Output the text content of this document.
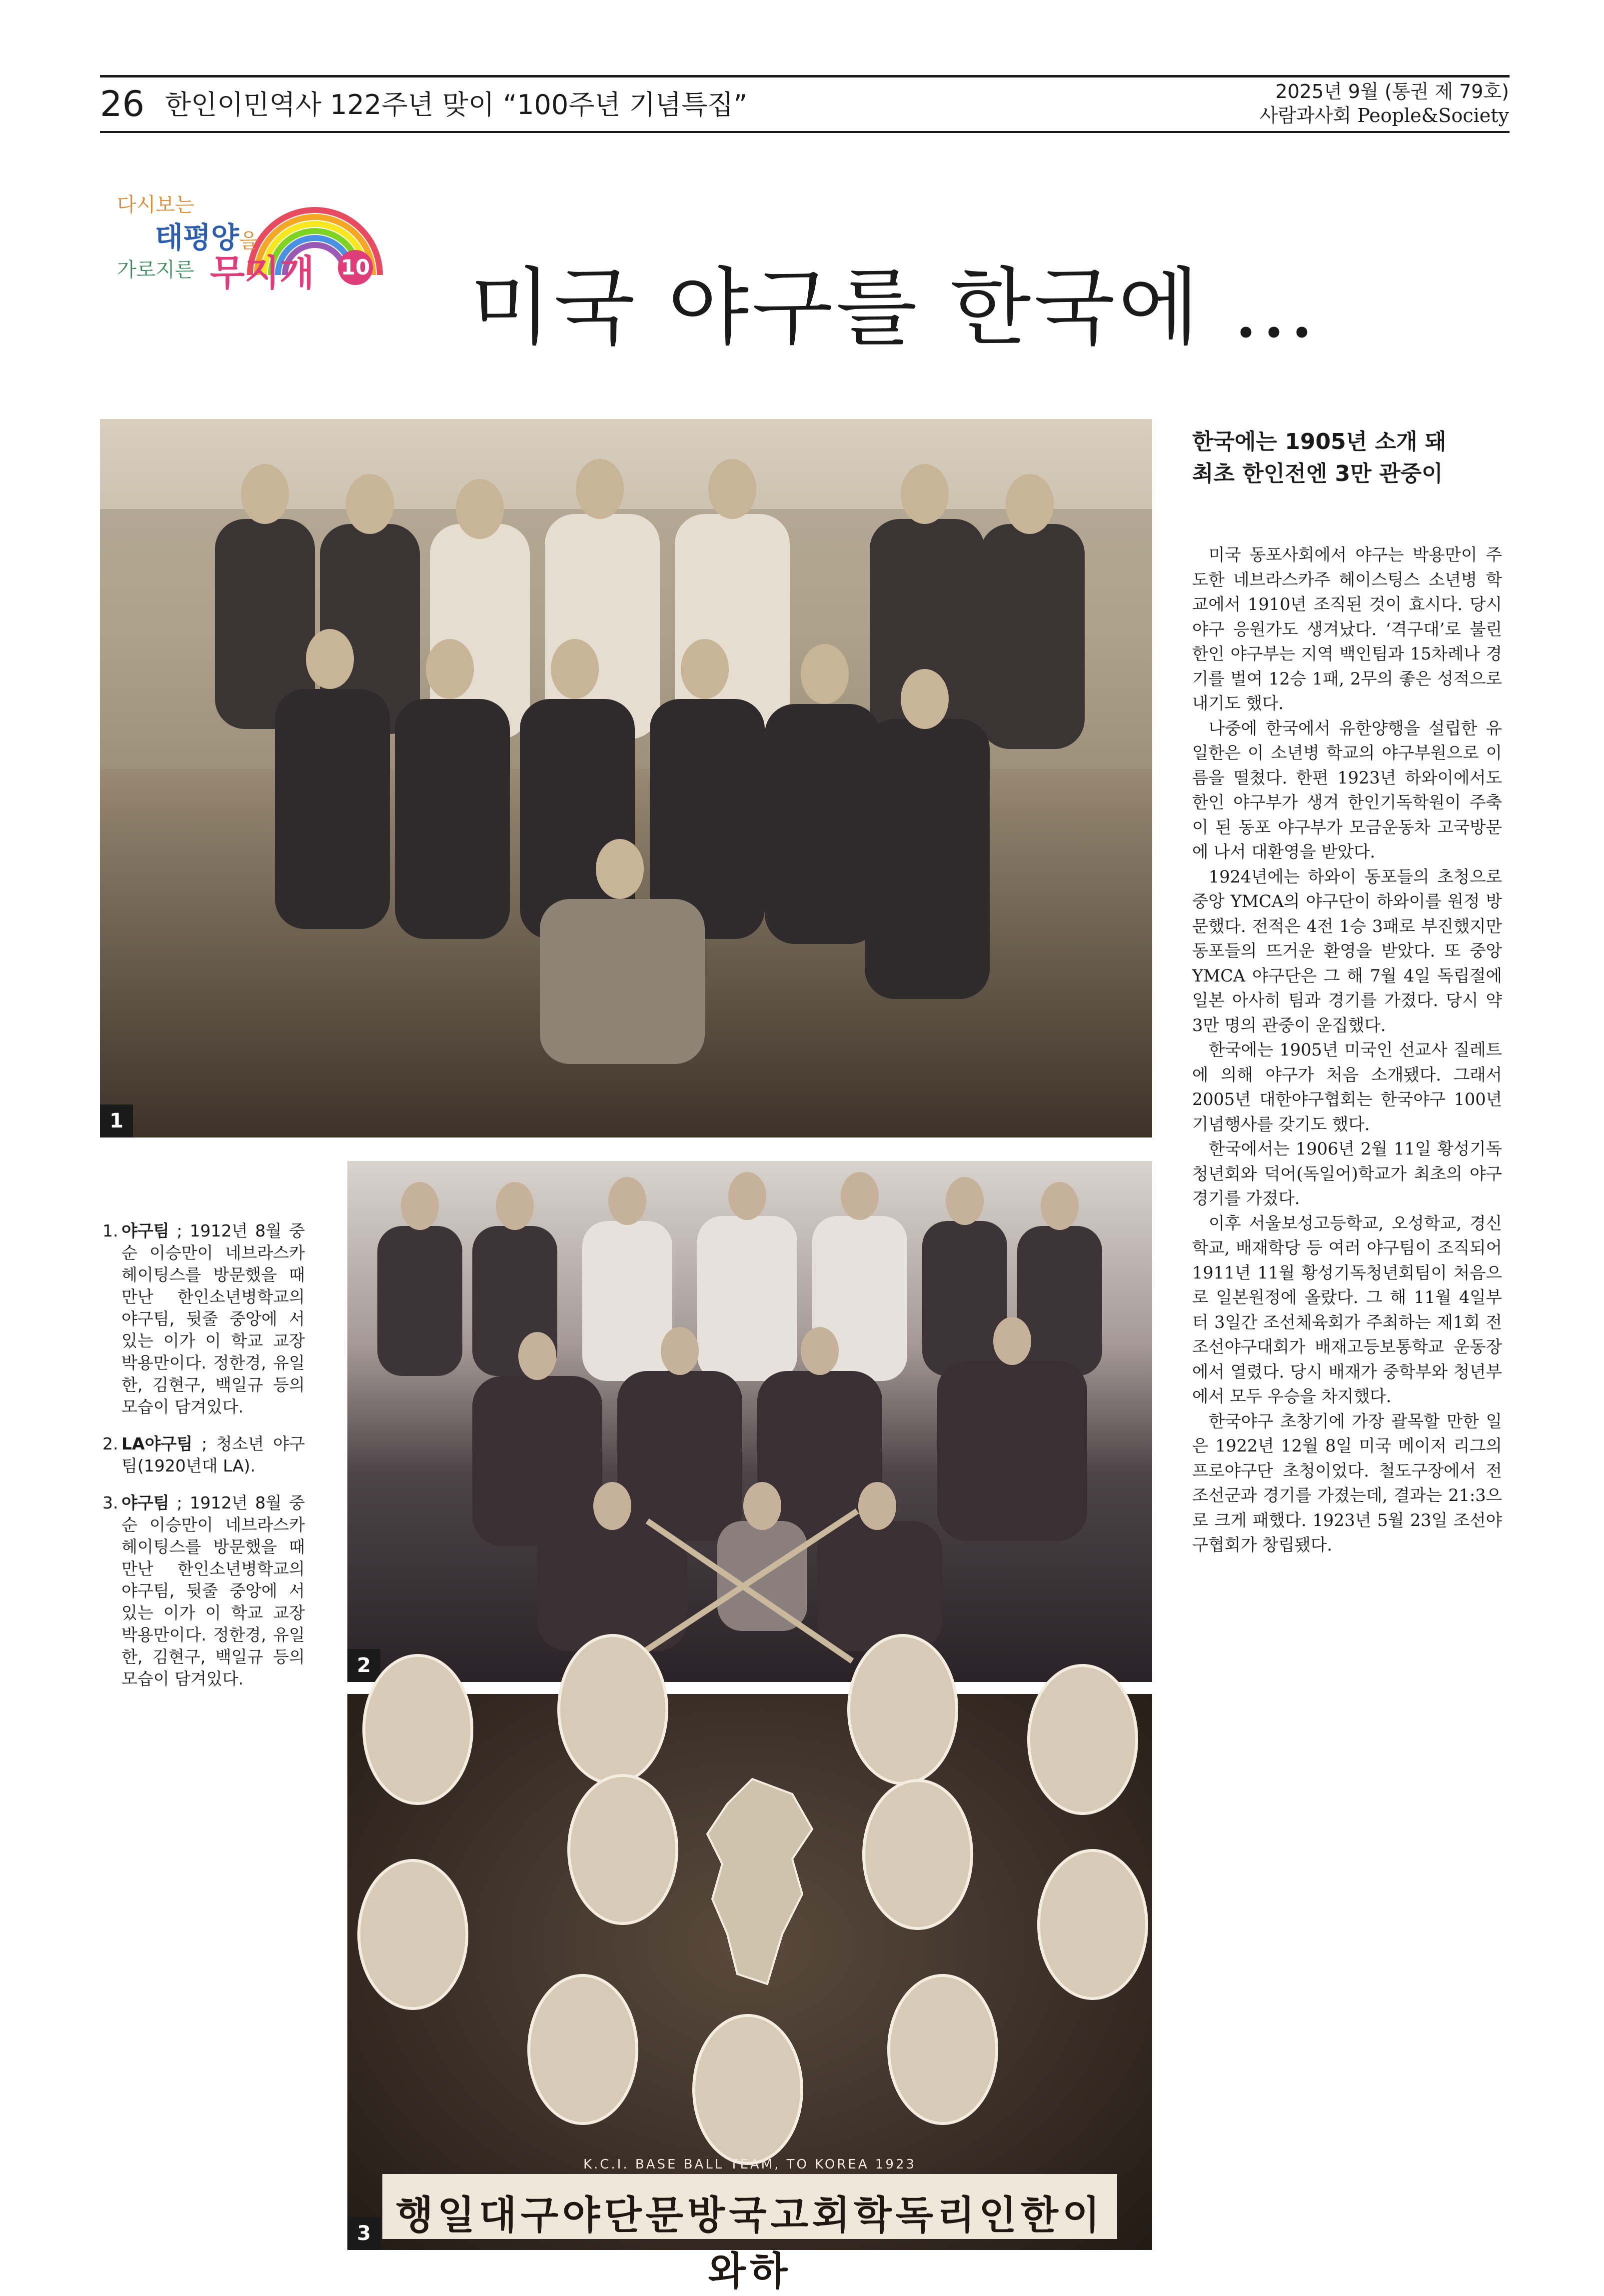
26 한인이민역사 122주년 맞이 “100주년 기념특집”	2025년 9월 (통권 제 79호)
사람과사회 People&Society
다시보는
태평양을
가로지른 무지개 10 미국 야구를 한국에 …
1
2
K.C.I. BASE BALL TEAM, TO KOREA 1923
행일대구야단문방국고회학독리인한이와하
3
1. 야구팀 ; 1912년 8월 중순 이승만이 네브라스카 헤이팅스를 방문했을 때 만난 한인소년병학교의 야구팀, 뒷줄 중앙에 서 있는 이가 이 학교 교장 박용만이다. 정한경, 유일한, 김현구, 백일규 등의 모습이 담겨있다.
2. LA야구팀 ; 청소년 야구팀(1920년대 LA).
3. 야구팀 ; 1912년 8월 중순 이승만이 네브라스카 헤이팅스를 방문했을 때 만난 한인소년병학교의 야구팀, 뒷줄 중앙에 서 있는 이가 이 학교 교장 박용만이다. 정한경, 유일한, 김현구, 백일규 등의 모습이 담겨있다.
한국에는 1905년 소개 돼
최초 한인전엔 3만 관중이

미국 동포사회에서 야구는 박용만이 주도한 네브라스카주 헤이스팅스 소년병 학교에서 1910년 조직된 것이 효시다. 당시 야구 응원가도 생겨났다. ‘격구대’로 불린 한인 야구부는 지역 백인팀과 15차례나 경기를 벌여 12승 1패, 2무의 좋은 성적으로 내기도 했다.

나중에 한국에서 유한양행을 설립한 유일한은 이 소년병 학교의 야구부원으로 이름을 떨쳤다. 한편 1923년 하와이에서도 한인 야구부가 생겨 한인기독학원이 주축이 된 동포 야구부가 모금운동차 고국방문에 나서 대환영을 받았다.

1924년에는 하와이 동포들의 초청으로 중앙 YMCA의 야구단이 하와이를 원정 방문했다. 전적은 4전 1승 3패로 부진했지만 동포들의 뜨거운 환영을 받았다. 또 중앙 YMCA 야구단은 그 해 7월 4일 독립절에 일본 아사히 팀과 경기를 가졌다. 당시 약 3만 명의 관중이 운집했다.

한국에는 1905년 미국인 선교사 질레트에 의해 야구가 처음 소개됐다. 그래서 2005년 대한야구협회는 한국야구 100년 기념행사를 갖기도 했다.

한국에서는 1906년 2월 11일 황성기독청년회와 덕어(독일어)학교가 최초의 야구경기를 가졌다.

이후 서울보성고등학교, 오성학교, 경신학교, 배재학당 등 여러 야구팀이 조직되어 1911년 11월 황성기독청년회팀이 처음으로 일본원정에 올랐다. 그 해 11월 4일부터 3일간 조선체육회가 주최하는 제1회 전조선야구대회가 배재고등보통학교 운동장에서 열렸다. 당시 배재가 중학부와 청년부에서 모두 우승을 차지했다.

한국야구 초창기에 가장 괄목할 만한 일은 1922년 12월 8일 미국 메이저 리그의 프로야구단 초청이었다. 철도구장에서 전조선군과 경기를 가졌는데, 결과는 21:3으로 크게 패했다. 1923년 5월 23일 조선야구협회가 창립됐다.
